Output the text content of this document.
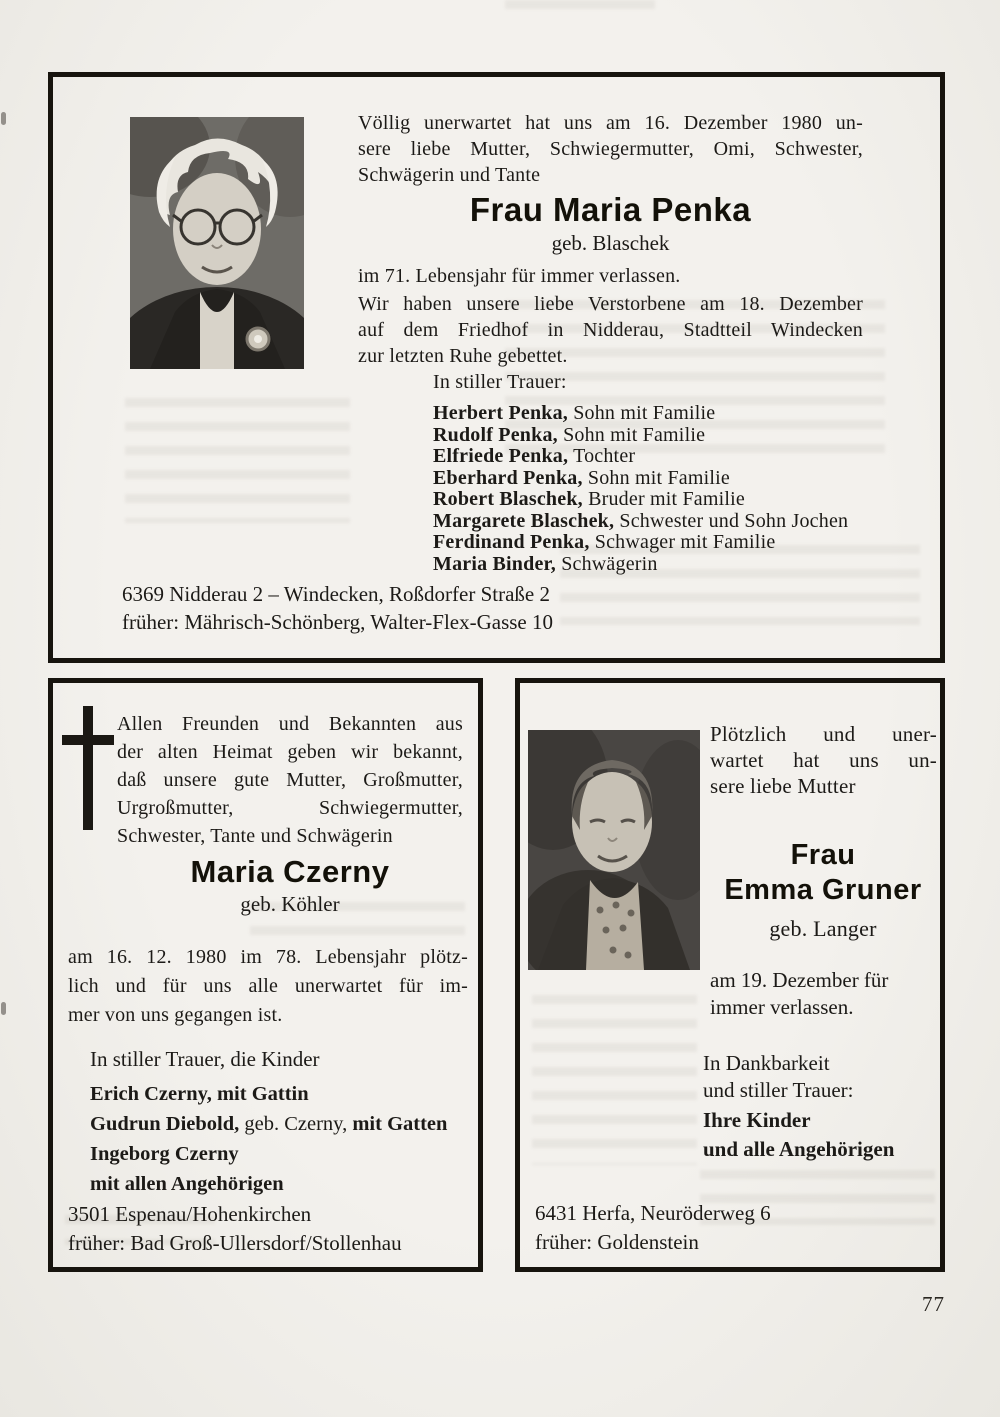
Völlig unerwartet hat uns am 16. Dezember 1980 un-
sere liebe Mutter, Schwiegermutter, Omi, Schwester,
Schwägerin und Tante
Frau Maria Penka
geb. Blaschek
im 71. Lebensjahr für immer verlassen.
Wir haben unsere liebe Verstorbene am 18. Dezember
auf dem Friedhof in Nidderau, Stadtteil Windecken
zur letzten Ruhe gebettet.
In stiller Trauer:
Herbert Penka, Sohn mit Familie
Rudolf Penka, Sohn mit Familie
Elfriede Penka, Tochter
Eberhard Penka, Sohn mit Familie
Robert Blaschek, Bruder mit Familie
Margarete Blaschek, Schwester und Sohn Jochen
Ferdinand Penka, Schwager mit Familie
Maria Binder, Schwägerin
6369 Nidderau 2 – Windecken, Roßdorfer Straße 2
früher: Mährisch-Schönberg, Walter-Flex-Gasse 10
Allen Freunden und Bekannten aus
der alten Heimat geben wir bekannt,
daß unsere gute Mutter, Großmutter,
Urgroßmutter, Schwiegermutter,
Schwester, Tante und Schwägerin
Maria Czerny
geb. Köhler
am 16. 12. 1980 im 78. Lebensjahr plötz-
lich und für uns alle unerwartet für im-
mer von uns gegangen ist.
In stiller Trauer, die Kinder
Erich Czerny, mit Gattin
Gudrun Diebold, geb. Czerny, mit Gatten
Ingeborg Czerny
mit allen Angehörigen
3501 Espenau/Hohenkirchen
früher: Bad Groß-Ullersdorf/Stollenhau
Plötzlich und uner-
wartet hat uns un-
sere liebe Mutter
Frau
Emma Gruner
geb. Langer
am 19. Dezember für
immer verlassen.
In Dankbarkeit
und stiller Trauer:
Ihre Kinder
und alle Angehörigen
6431 Herfa, Neuröderweg 6
früher: Goldenstein
77
